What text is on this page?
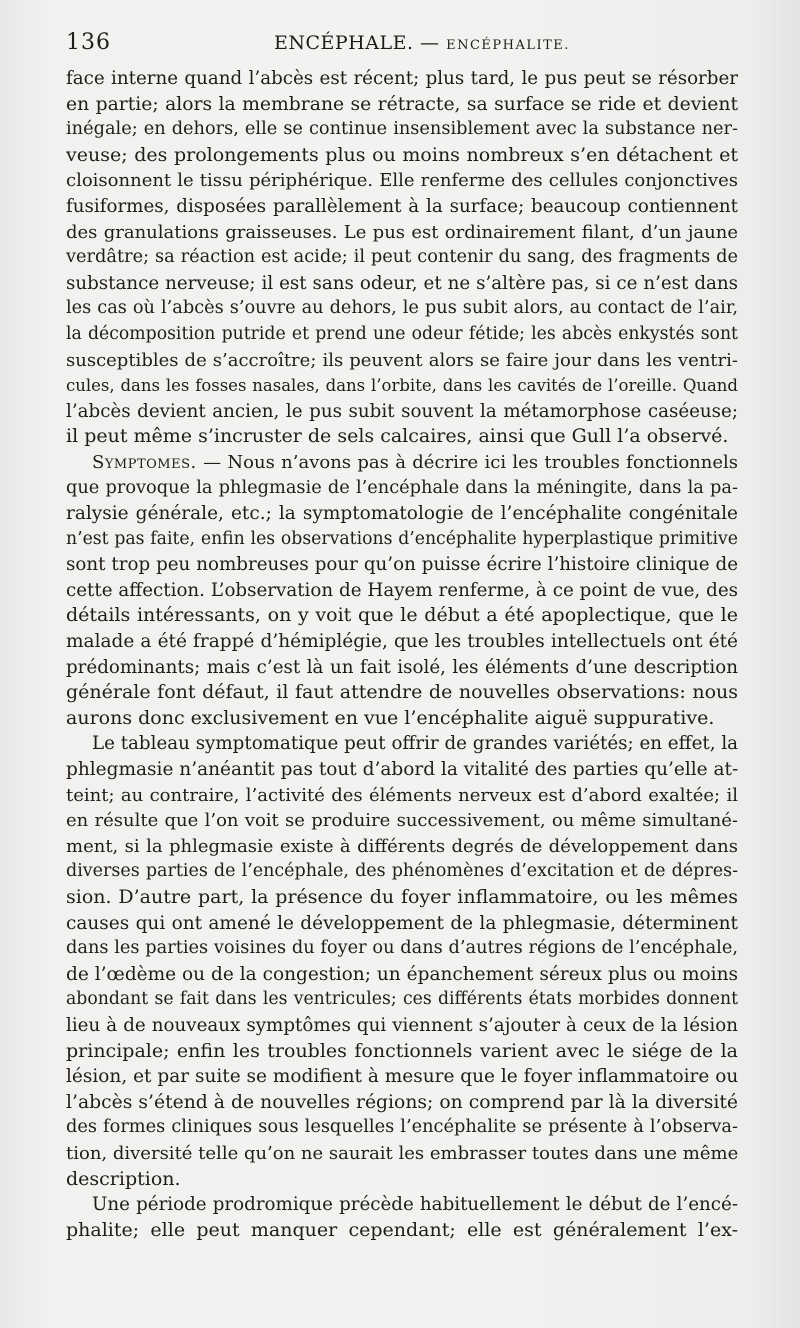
136	ENCÉPHALE. — ENCÉPHALITE.
face interne quand l’abcès est récent; plus tard, le pus peut se résorber
en partie; alors la membrane se rétracte, sa surface se ride et devient
inégale; en dehors, elle se continue insensiblement avec la substance ner-
veuse; des prolongements plus ou moins nombreux s’en détachent et
cloisonnent le tissu périphérique. Elle renferme des cellules conjonctives
fusiformes, disposées parallèlement à la surface; beaucoup contiennent
des granulations graisseuses. Le pus est ordinairement filant, d’un jaune
verdâtre; sa réaction est acide; il peut contenir du sang, des fragments de
substance nerveuse; il est sans odeur, et ne s’altère pas, si ce n’est dans
les cas où l’abcès s’ouvre au dehors, le pus subit alors, au contact de l’air,
la décomposition putride et prend une odeur fétide; les abcès enkystés sont
susceptibles de s’accroître; ils peuvent alors se faire jour dans les ventri-
cules, dans les fosses nasales, dans l’orbite, dans les cavités de l’oreille. Quand
l’abcès devient ancien, le pus subit souvent la métamorphose caséeuse;
il peut même s’incruster de sels calcaires, ainsi que Gull l’a observé.
Symptomes. — Nous n’avons pas à décrire ici les troubles fonctionnels
que provoque la phlegmasie de l’encéphale dans la méningite, dans la pa-
ralysie générale, etc.; la symptomatologie de l’encéphalite congénitale
n’est pas faite, enfin les observations d’encéphalite hyperplastique primitive
sont trop peu nombreuses pour qu’on puisse écrire l’histoire clinique de
cette affection. L’observation de Hayem renferme, à ce point de vue, des
détails intéressants, on y voit que le début a été apoplectique, que le
malade a été frappé d’hémiplégie, que les troubles intellectuels ont été
prédominants; mais c’est là un fait isolé, les éléments d’une description
générale font défaut, il faut attendre de nouvelles observations: nous
aurons donc exclusivement en vue l’encéphalite aiguë suppurative.
Le tableau symptomatique peut offrir de grandes variétés; en effet, la
phlegmasie n’anéantit pas tout d’abord la vitalité des parties qu’elle at-
teint; au contraire, l’activité des éléments nerveux est d’abord exaltée; il
en résulte que l’on voit se produire successivement, ou même simultané-
ment, si la phlegmasie existe à différents degrés de développement dans
diverses parties de l’encéphale, des phénomènes d’excitation et de dépres-
sion. D’autre part, la présence du foyer inflammatoire, ou les mêmes
causes qui ont amené le développement de la phlegmasie, déterminent
dans les parties voisines du foyer ou dans d’autres régions de l’encéphale,
de l’œdème ou de la congestion; un épanchement séreux plus ou moins
abondant se fait dans les ventricules; ces différents états morbides donnent
lieu à de nouveaux symptômes qui viennent s’ajouter à ceux de la lésion
principale; enfin les troubles fonctionnels varient avec le siége de la
lésion, et par suite se modifient à mesure que le foyer inflammatoire ou
l’abcès s’étend à de nouvelles régions; on comprend par là la diversité
des formes cliniques sous lesquelles l’encéphalite se présente à l’observa-
tion, diversité telle qu’on ne saurait les embrasser toutes dans une même
description.
Une période prodromique précède habituellement le début de l’encé-
phalite; elle peut manquer cependant; elle est généralement l’ex-
